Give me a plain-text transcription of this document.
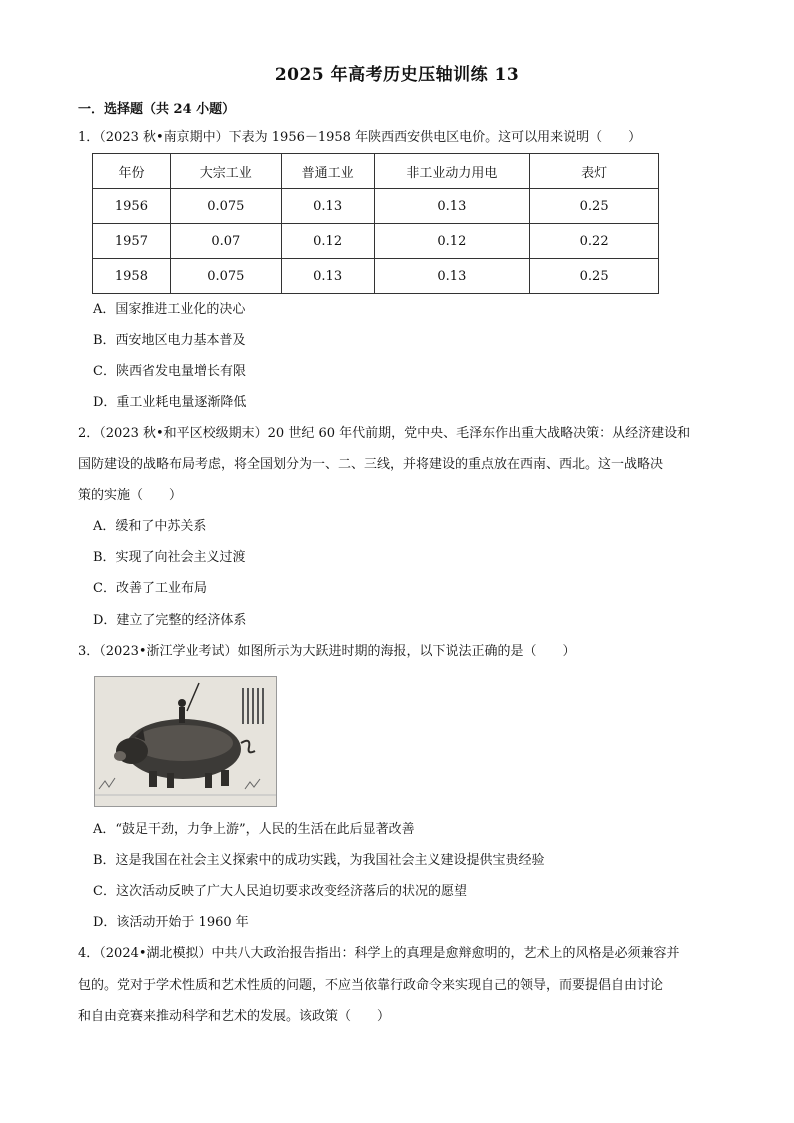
2025 年高考历史压轴训练 13
一．选择题（共 24 小题）
1．（2023 秋•南京期中）下表为 1956－1958 年陕西西安供电区电价。这可以用来说明（　　）
年份	大宗工业	普通工业	非工业动力用电	表灯
1956	0.075	0.13	0.13	0.25
1957	0.07	0.12	0.12	0.22
1958	0.075	0.13	0.13	0.25
A．国家推进工业化的决心
B．西安地区电力基本普及
C．陕西省发电量增长有限
D．重工业耗电量逐渐降低
2．（2023 秋•和平区校级期末）20 世纪 60 年代前期，党中央、毛泽东作出重大战略决策：从经济建设和
国防建设的战略布局考虑，将全国划分为一、二、三线，并将建设的重点放在西南、西北。这一战略决
策的实施（　　）
A．缓和了中苏关系
B．实现了向社会主义过渡
C．改善了工业布局
D．建立了完整的经济体系
3．（2023•浙江学业考试）如图所示为大跃进时期的海报，以下说法正确的是（　　）
A．“鼓足干劲，力争上游”，人民的生活在此后显著改善
B．这是我国在社会主义探索中的成功实践，为我国社会主义建设提供宝贵经验
C．这次活动反映了广大人民迫切要求改变经济落后的状况的愿望
D．该活动开始于 1960 年
4．（2024•湖北模拟）中共八大政治报告指出：科学上的真理是愈辩愈明的，艺术上的风格是必须兼容并
包的。党对于学术性质和艺术性质的问题，不应当依靠行政命令来实现自己的领导，而要提倡自由讨论
和自由竞赛来推动科学和艺术的发展。该政策（　　）
